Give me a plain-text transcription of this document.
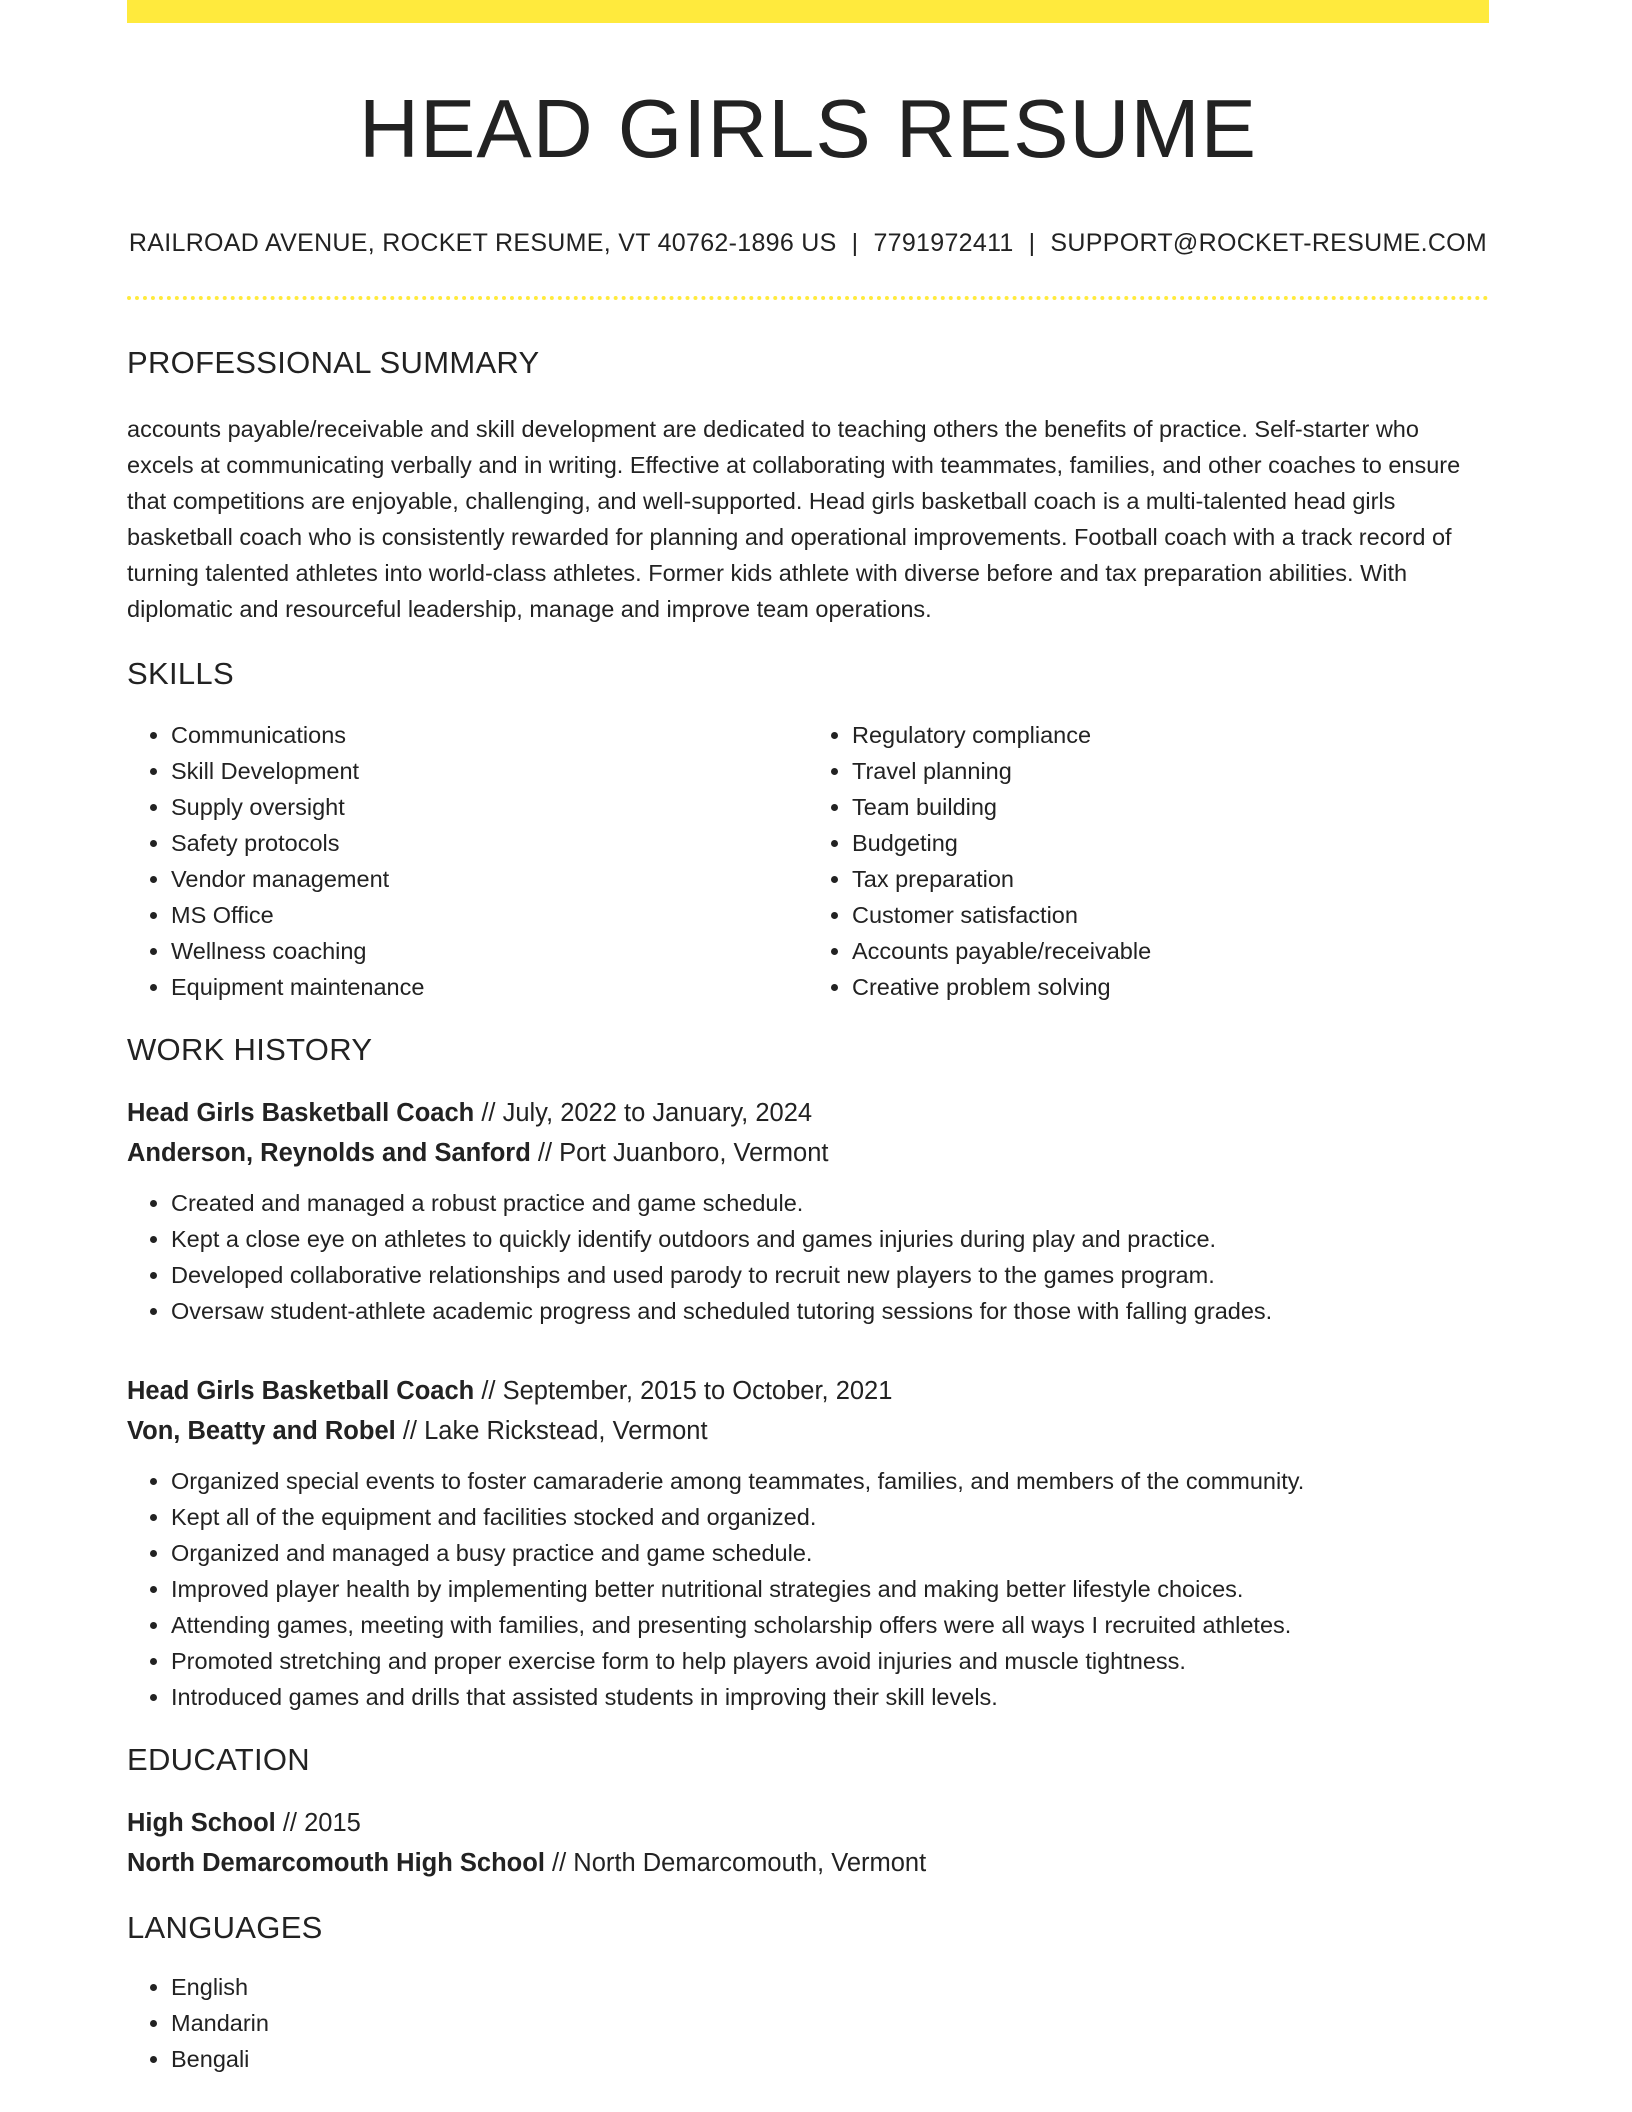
HEAD GIRLS RESUME
RAILROAD AVENUE, ROCKET RESUME, VT 40762-1896 US | 7791972411 | SUPPORT@ROCKET-RESUME.COM
PROFESSIONAL SUMMARY

accounts payable/receivable and skill development are dedicated to teaching others the benefits of practice. Self-starter who excels at communicating verbally and in writing. Effective at collaborating with teammates, families, and other coaches to ensure that competitions are enjoyable, challenging, and well-supported. Head girls basketball coach is a multi-talented head girls basketball coach who is consistently rewarded for planning and operational improvements. Football coach with a track record of turning talented athletes into world-class athletes. Former kids athlete with diverse before and tax preparation abilities. With diplomatic and resourceful leadership, manage and improve team operations.

SKILLS
• Communications
• Skill Development
• Supply oversight
• Safety protocols
• Vendor management
• MS Office
• Wellness coaching
• Equipment maintenance
• Regulatory compliance
• Travel planning
• Team building
• Budgeting
• Tax preparation
• Customer satisfaction
• Accounts payable/receivable
• Creative problem solving
WORK HISTORY
Head Girls Basketball Coach // July, 2022 to January, 2024
Anderson, Reynolds and Sanford // Port Juanboro, Vermont
• Created and managed a robust practice and game schedule.
• Kept a close eye on athletes to quickly identify outdoors and games injuries during play and practice.
• Developed collaborative relationships and used parody to recruit new players to the games program.
• Oversaw student-athlete academic progress and scheduled tutoring sessions for those with falling grades.
Head Girls Basketball Coach // September, 2015 to October, 2021
Von, Beatty and Robel // Lake Rickstead, Vermont
• Organized special events to foster camaraderie among teammates, families, and members of the community.
• Kept all of the equipment and facilities stocked and organized.
• Organized and managed a busy practice and game schedule.
• Improved player health by implementing better nutritional strategies and making better lifestyle choices.
• Attending games, meeting with families, and presenting scholarship offers were all ways I recruited athletes.
• Promoted stretching and proper exercise form to help players avoid injuries and muscle tightness.
• Introduced games and drills that assisted students in improving their skill levels.
EDUCATION
High School // 2015
North Demarcomouth High School // North Demarcomouth, Vermont
LANGUAGES
• English
• Mandarin
• Bengali
